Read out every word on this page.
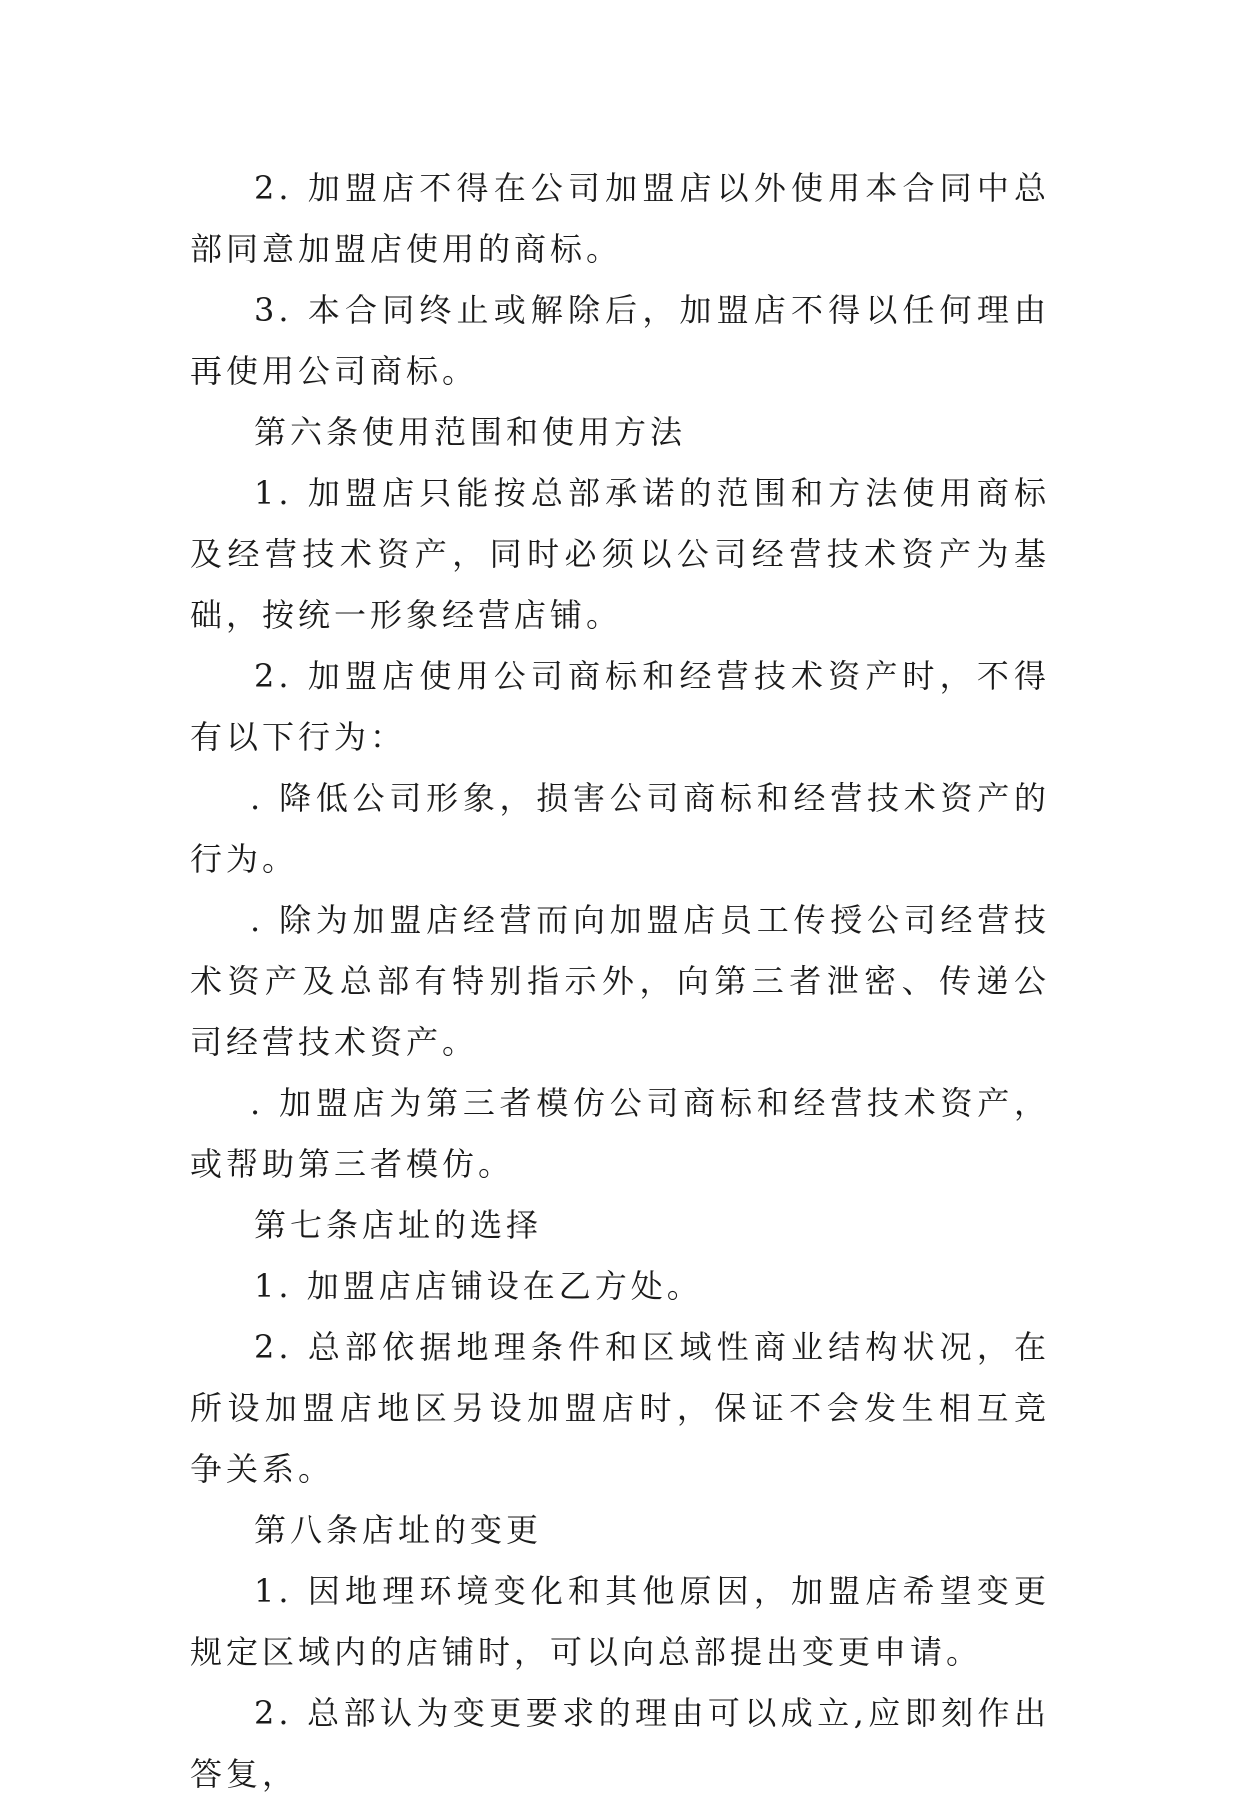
2. 加盟店不得在公司加盟店以外使用本合同中总部同意加盟店使用的商标。

3. 本合同终止或解除后，加盟店不得以任何理由再使用公司商标。

第六条使用范围和使用方法

1. 加盟店只能按总部承诺的范围和方法使用商标及经营技术资产，同时必须以公司经营技术资产为基础，按统一形象经营店铺。

2. 加盟店使用公司商标和经营技术资产时，不得有以下行为：

. 降低公司形象，损害公司商标和经营技术资产的行为。

. 除为加盟店经营而向加盟店员工传授公司经营技术资产及总部有特别指示外，向第三者泄密、传递公司经营技术资产。

. 加盟店为第三者模仿公司商标和经营技术资产，或帮助第三者模仿。

第七条店址的选择

1. 加盟店店铺设在乙方处。

2. 总部依据地理条件和区域性商业结构状况，在所设加盟店地区另设加盟店时，保证不会发生相互竞争关系。

第八条店址的变更

1. 因地理环境变化和其他原因，加盟店希望变更规定区域内的店铺时，可以向总部提出变更申请。

2. 总部认为变更要求的理由可以成立,应即刻作出答复，
